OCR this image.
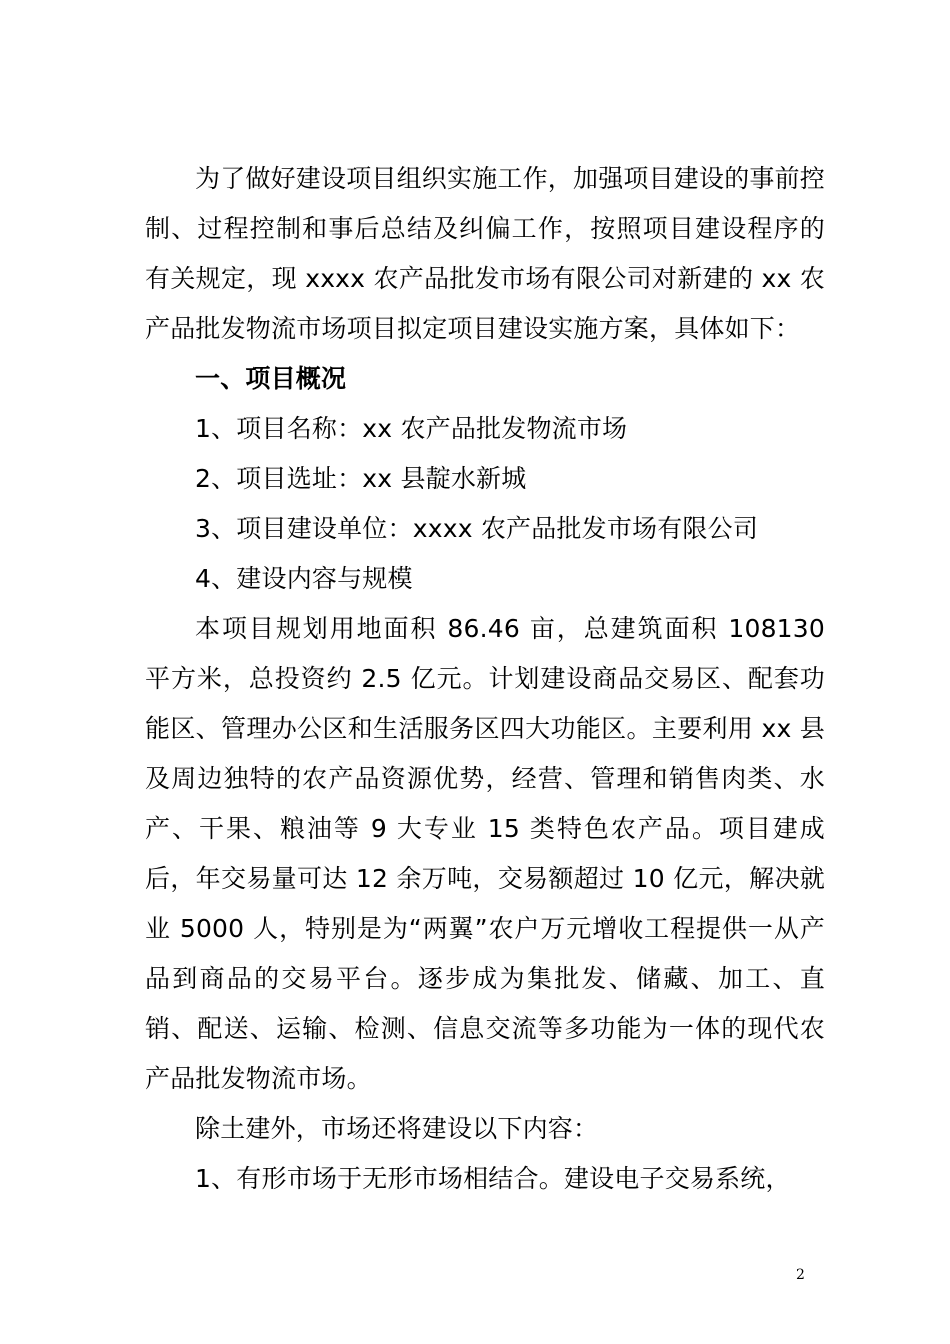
为了做好建设项目组织实施工作，加强项目建设的事前控制、过程控制和事后总结及纠偏工作，按照项目建设程序的有关规定，现 xxxx 农产品批发市场有限公司对新建的 xx 农产品批发物流市场项目拟定项目建设实施方案，具体如下：

一、项目概况

1、项目名称：xx 农产品批发物流市场

2、项目选址：xx 县靛水新城

3、项目建设单位：xxxx 农产品批发市场有限公司

4、建设内容与规模

本项目规划用地面积 86.46 亩，总建筑面积 108130 平方米，总投资约 2.5 亿元。计划建设商品交易区、配套功能区、管理办公区和生活服务区四大功能区。主要利用 xx 县及周边独特的农产品资源优势，经营、管理和销售肉类、水产、干果、粮油等 9 大专业 15 类特色农产品。项目建成后，年交易量可达 12 余万吨，交易额超过 10 亿元，解决就业 5000 人，特别是为“两翼”农户万元增收工程提供一从产品到商品的交易平台。逐步成为集批发、储藏、加工、直销、配送、运输、检测、信息交流等多功能为一体的现代农产品批发物流市场。

除土建外，市场还将建设以下内容：

1、有形市场于无形市场相结合。建设电子交易系统，

2
